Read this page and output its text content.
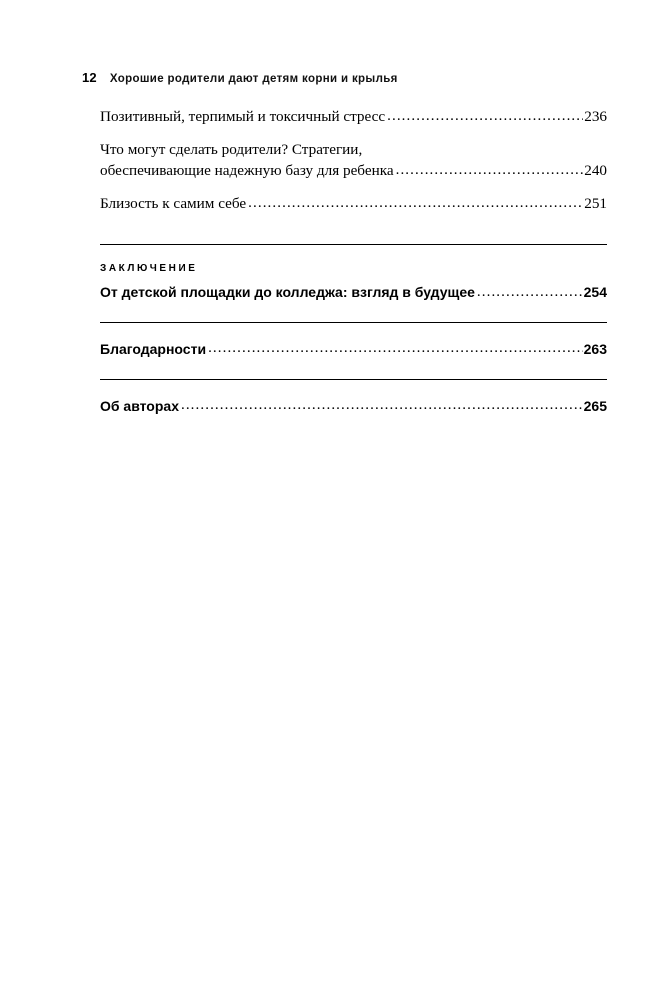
12 Хорошие родители дают детям корни и крылья
Позитивный, терпимый и токсичный стресс .....	236
Что могут сделать родители? Стратегии,
обеспечивающие надежную базу для ребенка .....	240
Близость к самим себе .....	251
ЗАКЛЮЧЕНИЕ
От детской площадки до колледжа: взгляд в будущее .....	254
Благодарности .....	263
Об авторах .....	265
